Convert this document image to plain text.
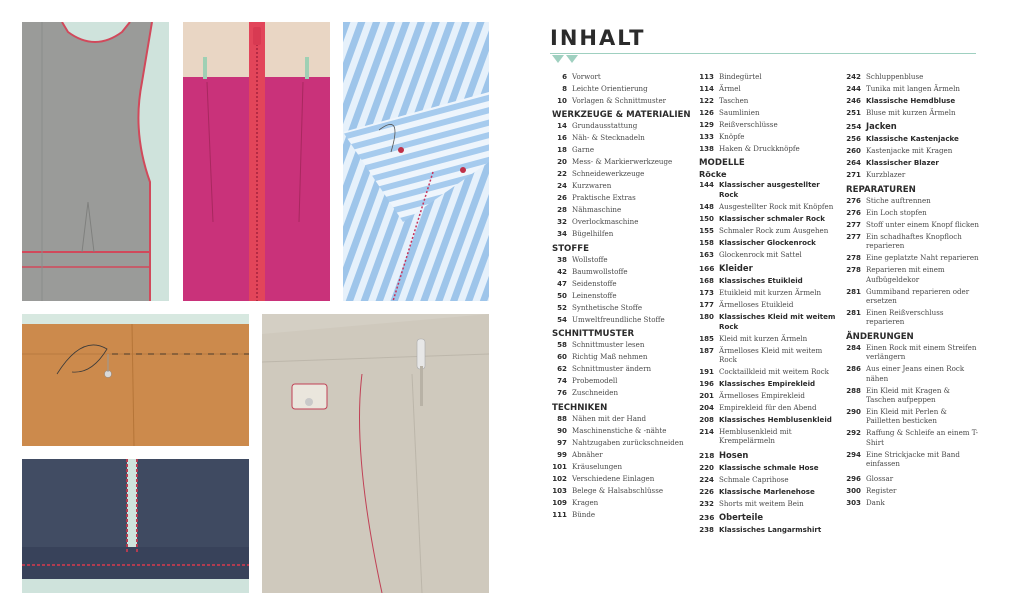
INHALT
6 Vorwort
8 Leichte Orientierung
10 Vorlagen & Schnittmuster
WERKZEUGE & MATERIALIEN
14 Grundausstattung
16 Näh- & Stecknadeln
18 Garne
20 Mess- & Markierwerkzeuge
22 Schneidewerkzeuge
24 Kurzwaren
26 Praktische Extras
28 Nähmaschine
32 Overlockmaschine
34 Bügelhilfen
STOFFE
38 Wollstoffe
42 Baumwollstoffe
47 Seidenstoffe
50 Leinenstoffe
52 Synthetische Stoffe
54 Umweltfreundliche Stoffe
SCHNITTMUSTER
58 Schnittmuster lesen
60 Richtig Maß nehmen
62 Schnittmuster ändern
74 Probemodell
76 Zuschneiden
TECHNIKEN
88 Nähen mit der Hand
90 Maschinenstiche & -nähte
97 Nahtzugaben zurückschneiden
99 Abnäher
101 Kräuselungen
102 Verschiedene Einlagen
103 Belege & Halsabschlüsse
109 Kragen
111 Bünde
113 Bindegürtel
114 Ärmel
122 Taschen
126 Saumlinien
129 Reißverschlüsse
133 Knöpfe
138 Haken & Druckknöpfe
MODELLE
Röcke
144 Klassischer ausgestellter Rock
148 Ausgestellter Rock mit Knöpfen
150 Klassischer schmaler Rock
155 Schmaler Rock zum Ausgehen
158 Klassischer Glockenrock
163 Glockenrock mit Sattel
166 Kleider
168 Klassisches Etuikleid
173 Etuikleid mit kurzen Ärmeln
177 Ärmelloses Etuikleid
180 Klassisches Kleid mit weitem Rock
185 Kleid mit kurzen Ärmeln
187 Ärmelloses Kleid mit weitem Rock
191 Cocktailkleid mit weitem Rock
196 Klassisches Empirekleid
201 Ärmelloses Empirekleid
204 Empirekleid für den Abend
208 Klassisches Hemblusenkleid
214 Hemblusenkleid mit Krempelärmeln
218 Hosen
220 Klassische schmale Hose
224 Schmale Caprihose
226 Klassische Marlenehose
232 Shorts mit weitem Bein
236 Oberteile
238 Klassisches Langarmshirt
242 Schluppenbluse
244 Tunika mit langen Ärmeln
246 Klassische Hemdbluse
251 Bluse mit kurzen Ärmeln
254 Jacken
256 Klassische Kastenjacke
260 Kastenjacke mit Kragen
264 Klassischer Blazer
271 Kurzblazer
REPARATUREN
276 Stiche auftrennen
276 Ein Loch stopfen
277 Stoff unter einem Knopf flicken
277 Ein schadhaftes Knopfloch reparieren
278 Eine geplatzte Naht reparieren
278 Reparieren mit einem Aufbügeldekor
281 Gummiband reparieren oder ersetzen
281 Einen Reißverschluss reparieren
ÄNDERUNGEN
284 Einen Rock mit einem Streifen verlängern
286 Aus einer Jeans einen Rock nähen
288 Ein Kleid mit Kragen & Taschen aufpeppen
290 Ein Kleid mit Perlen & Pailletten besticken
292 Raffung & Schleife an einem T-Shirt
294 Eine Strickjacke mit Band einfassen
296 Glossar
300 Register
303 Dank
